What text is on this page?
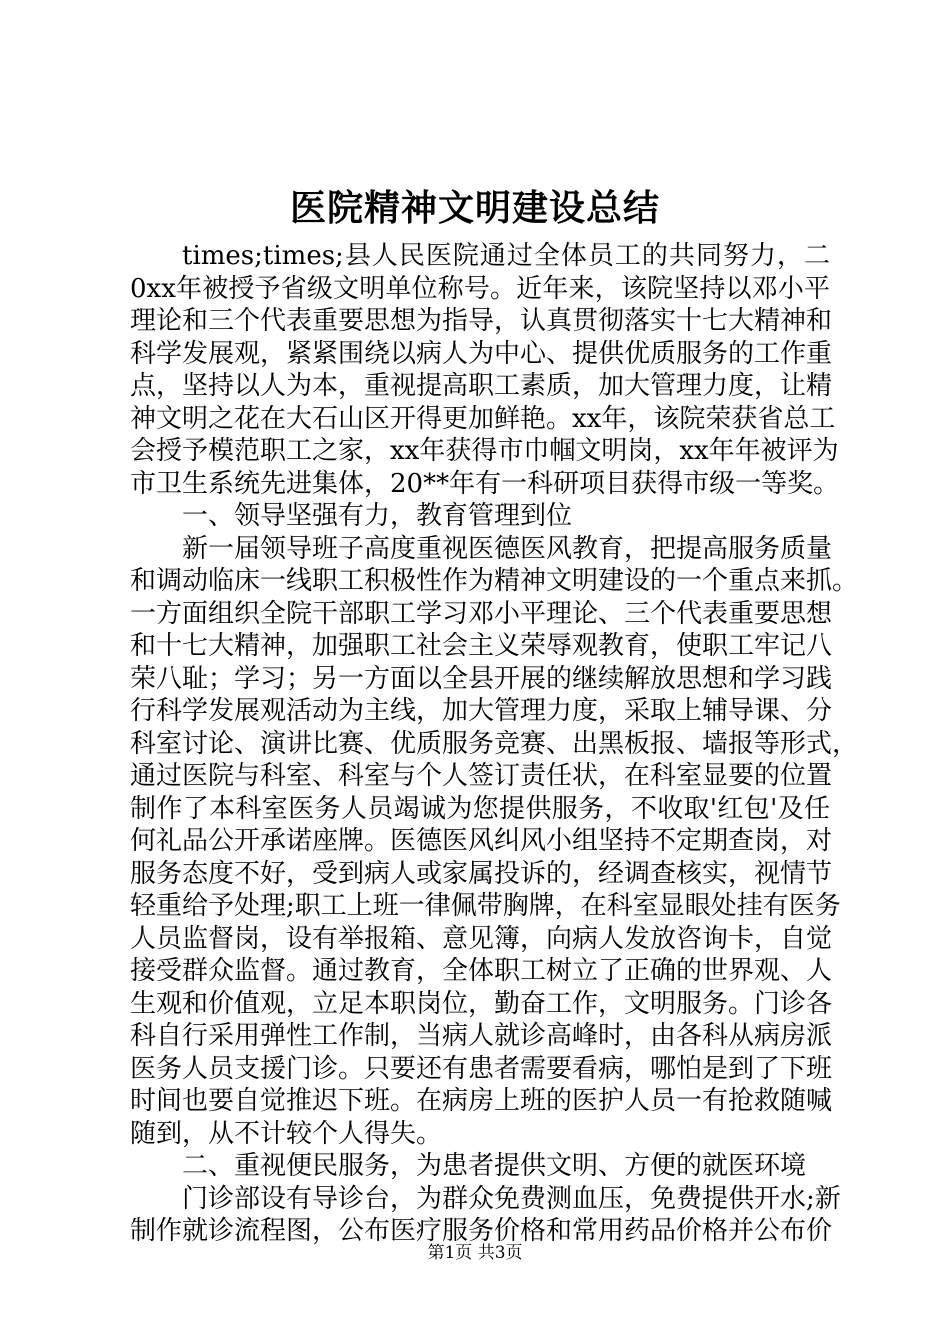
医院精神文明建设总结
times;times;县人民医院通过全体员工的共同努力，二
0xx年被授予省级文明单位称号。近年来，该院坚持以邓小平
理论和三个代表重要思想为指导，认真贯彻落实十七大精神和
科学发展观，紧紧围绕以病人为中心、提供优质服务的工作重
点，坚持以人为本，重视提高职工素质，加大管理力度，让精
神文明之花在大石山区开得更加鲜艳。xx年，该院荣获省总工
会授予模范职工之家，xx年获得市巾帼文明岗，xx年年被评为
市卫生系统先进集体，20**年有一科研项目获得市级一等奖。
一、领导坚强有力，教育管理到位
新一届领导班子高度重视医德医风教育，把提高服务质量
和调动临床一线职工积极性作为精神文明建设的一个重点来抓。
一方面组织全院干部职工学习邓小平理论、三个代表重要思想
和十七大精神，加强职工社会主义荣辱观教育，使职工牢记八
荣八耻；学习；另一方面以全县开展的继续解放思想和学习践
行科学发展观活动为主线，加大管理力度，采取上辅导课、分
科室讨论、演讲比赛、优质服务竞赛、出黑板报、墙报等形式，
通过医院与科室、科室与个人签订责任状，在科室显要的位置
制作了本科室医务人员竭诚为您提供服务，不收取'红包'及任
何礼品公开承诺座牌。医德医风纠风小组坚持不定期查岗，对
服务态度不好，受到病人或家属投诉的，经调查核实，视情节
轻重给予处理;职工上班一律佩带胸牌，在科室显眼处挂有医务
人员监督岗，设有举报箱、意见簿，向病人发放咨询卡，自觉
接受群众监督。通过教育，全体职工树立了正确的世界观、人
生观和价值观，立足本职岗位，勤奋工作，文明服务。门诊各
科自行采用弹性工作制，当病人就诊高峰时，由各科从病房派
医务人员支援门诊。只要还有患者需要看病，哪怕是到了下班
时间也要自觉推迟下班。在病房上班的医护人员一有抢救随喊
随到，从不计较个人得失。
二、重视便民服务，为患者提供文明、方便的就医环境
门诊部设有导诊台，为群众免费测血压，免费提供开水;新
制作就诊流程图，公布医疗服务价格和常用药品价格并公布价
第1页 共3页
